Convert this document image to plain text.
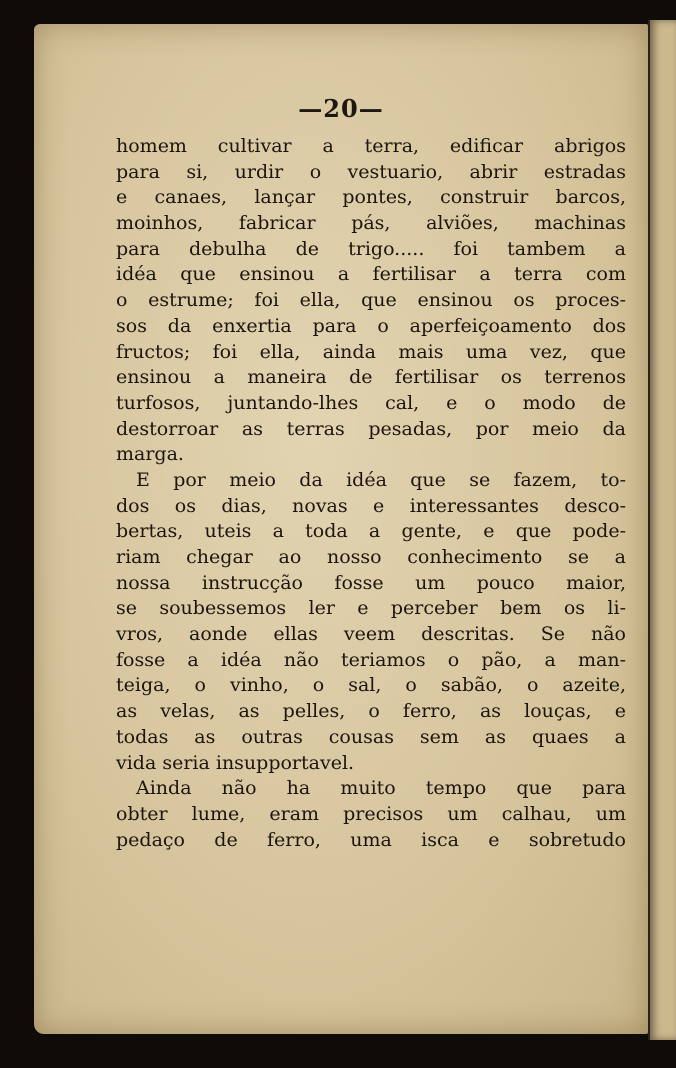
—20—
homem cultivar a terra, edificar abrigos
para si, urdir o vestuario, abrir estradas
e canaes, lançar pontes, construir barcos,
moinhos, fabricar pás, alviões, machinas
para debulha de trigo..... foi tambem a
idéa que ensinou a fertilisar a terra com
o estrume; foi ella, que ensinou os proces-
sos da enxertia para o aperfeiçoamento dos
fructos; foi ella, ainda mais uma vez, que
ensinou a maneira de fertilisar os terrenos
turfosos, juntando-lhes cal, e o modo de
destorroar as terras pesadas, por meio da
marga.
E por meio da idéa que se fazem, to-
dos os dias, novas e interessantes desco-
bertas, uteis a toda a gente, e que pode-
riam chegar ao nosso conhecimento se a
nossa instrucção fosse um pouco maior,
se soubessemos ler e perceber bem os li-
vros, aonde ellas veem descritas. Se não
fosse a idéa não teriamos o pão, a man-
teiga, o vinho, o sal, o sabão, o azeite,
as velas, as pelles, o ferro, as louças, e
todas as outras cousas sem as quaes a
vida seria insupportavel.
Ainda não ha muito tempo que para
obter lume, eram precisos um calhau, um
pedaço de ferro, uma isca e sobretudo
